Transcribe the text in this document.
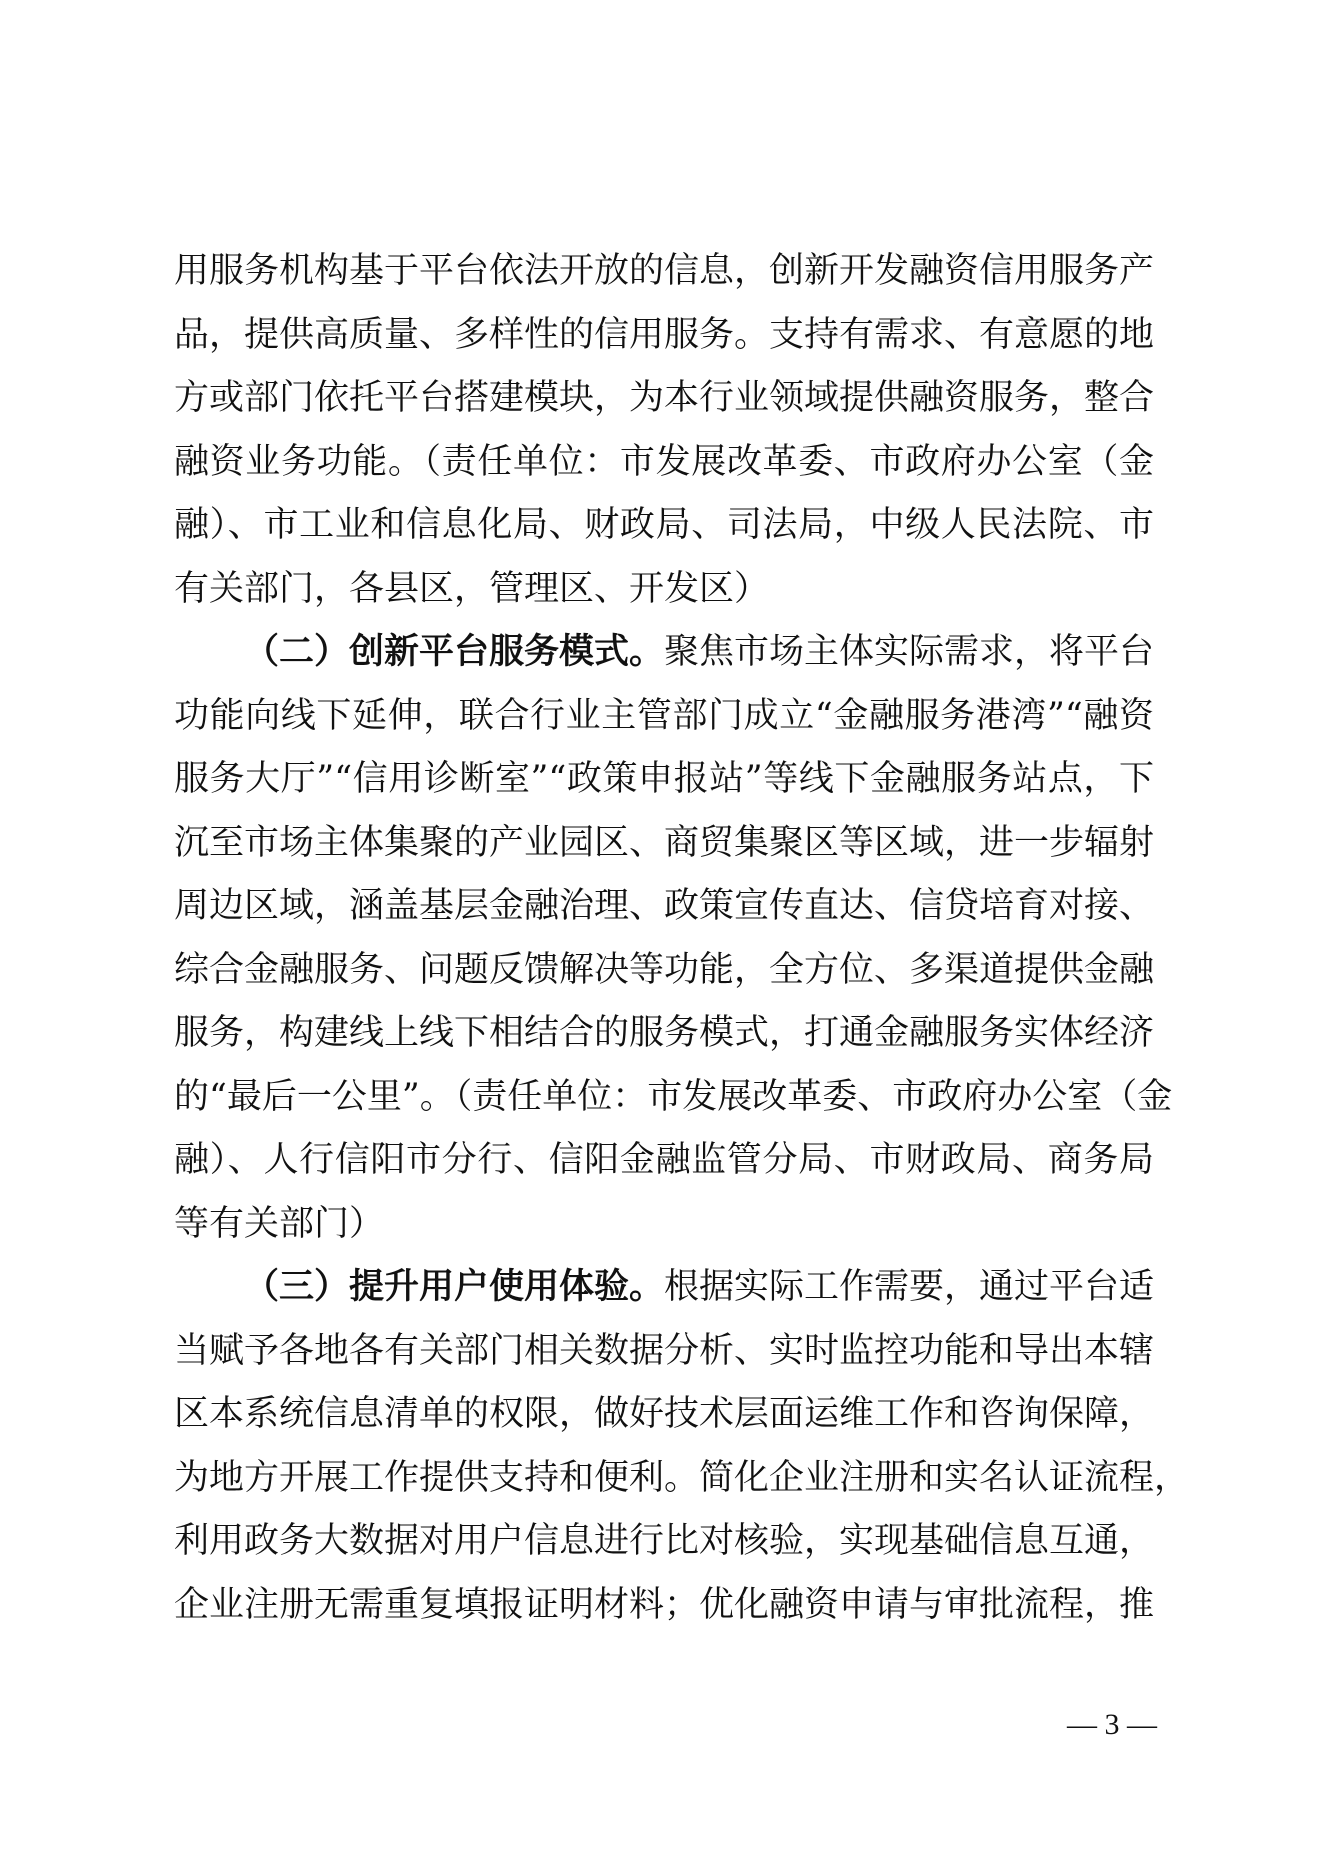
用服务机构基于平台依法开放的信息，创新开发融资信用服务产
品，提供高质量、多样性的信用服务。支持有需求、有意愿的地
方或部门依托平台搭建模块，为本行业领域提供融资服务，整合
融资业务功能。（责任单位：市发展改革委、市政府办公室（金
融）、市工业和信息化局、财政局、司法局，中级人民法院、市
有关部门，各县区，管理区、开发区）
（二）创新平台服务模式。聚焦市场主体实际需求，将平台
功能向线下延伸，联合行业主管部门成立“金融服务港湾”“融资
服务大厅”“信用诊断室”“政策申报站”等线下金融服务站点，下
沉至市场主体集聚的产业园区、商贸集聚区等区域，进一步辐射
周边区域，涵盖基层金融治理、政策宣传直达、信贷培育对接、
综合金融服务、问题反馈解决等功能，全方位、多渠道提供金融
服务，构建线上线下相结合的服务模式，打通金融服务实体经济
的“最后一公里”。（责任单位：市发展改革委、市政府办公室（金
融）、人行信阳市分行、信阳金融监管分局、市财政局、商务局
等有关部门）
（三）提升用户使用体验。根据实际工作需要，通过平台适
当赋予各地各有关部门相关数据分析、实时监控功能和导出本辖
区本系统信息清单的权限，做好技术层面运维工作和咨询保障，
为地方开展工作提供支持和便利。简化企业注册和实名认证流程，
利用政务大数据对用户信息进行比对核验，实现基础信息互通，
企业注册无需重复填报证明材料；优化融资申请与审批流程，推
— 3 —
